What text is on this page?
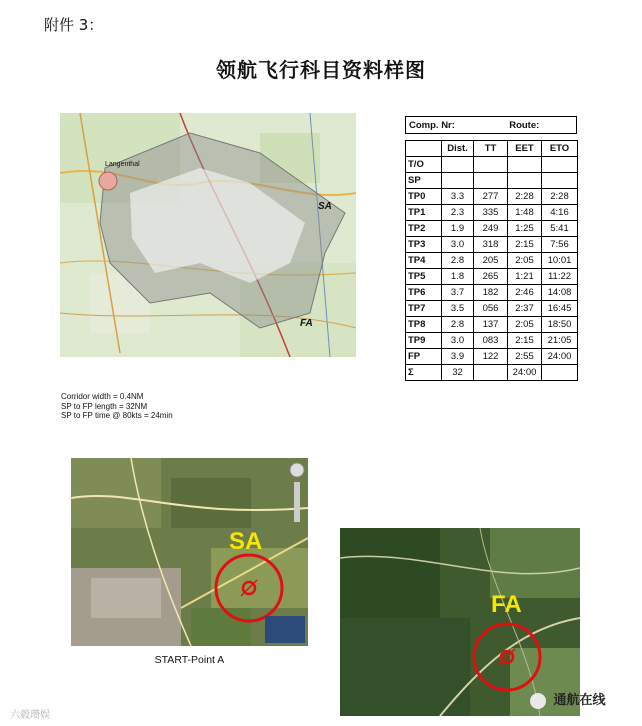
附件 3：
领航飞行科目资料样图
Langenthal
SA
FA
Corridor width = 0.4NM
SP to FP length = 32NM
SP to FP time @ 80kts = 24min
Comp. Nr:	Route:
	Dist.	TT	EET	ETO
T/O				
SP				
TP0	3.3	277	2:28	2:28
TP1	2.3	335	1:48	4:16
TP2	1.9	249	1:25	5:41
TP3	3.0	318	2:15	7:56
TP4	2.8	205	2:05	10:01
TP5	1.8	265	1:21	11:22
TP6	3.7	182	2:46	14:08
TP7	3.5	056	2:37	16:45
TP8	2.8	137	2:05	18:50
TP9	3.0	083	2:15	21:05
FP	3.9	122	2:55	24:00
Σ	32		24:00	
SA
START-Point A
FA
六毂瓒娱
通航在线
